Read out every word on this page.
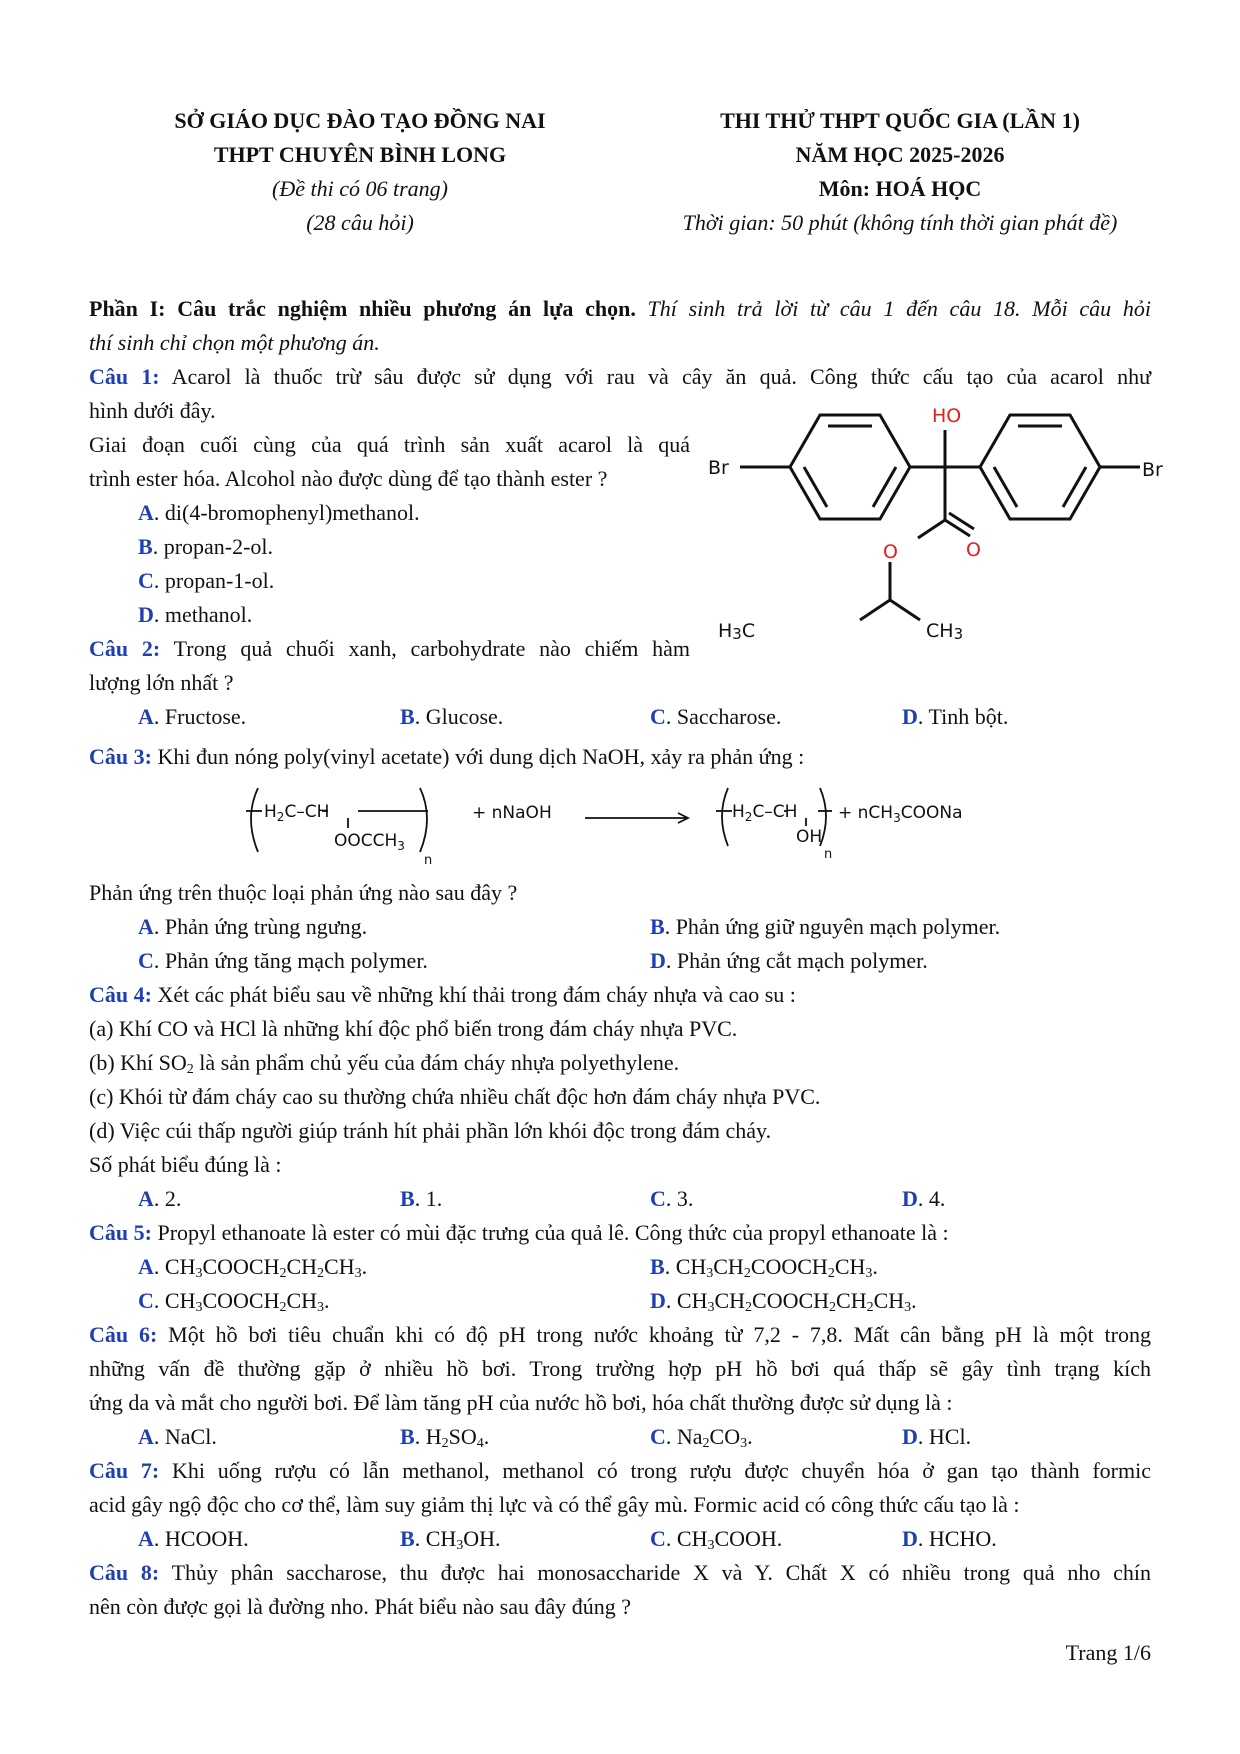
SỞ GIÁO DỤC ĐÀO TẠO ĐỒNG NAI
THPT CHUYÊN BÌNH LONG
(Đề thi có 06 trang)
(28 câu hỏi)
THI THỬ THPT QUỐC GIA (LẦN 1)
NĂM HỌC 2025-2026
Môn: HOÁ HỌC
Thời gian: 50 phút (không tính thời gian phát đề)
Phần I: Câu trắc nghiệm nhiều phương án lựa chọn. Thí sinh trả lời từ câu 1 đến câu 18. Mỗi câu hỏi
thí sinh chỉ chọn một phương án.
Câu 1: Acarol là thuốc trừ sâu được sử dụng với rau và cây ăn quả. Công thức cấu tạo của acarol như
hình dưới đây.
Giai đoạn cuối cùng của quá trình sản xuất acarol là quá
trình ester hóa. Alcohol nào được dùng để tạo thành ester ?
A. di(4-bromophenyl)methanol.
B. propan-2-ol.
C. propan-1-ol.
D. methanol.
HO
Br	Br
O	O
H3C	CH3
Câu 2: Trong quả chuối xanh, carbohydrate nào chiếm hàm
lượng lớn nhất ?
A. Fructose.	B. Glucose.	C. Saccharose.	D. Tinh bột.
Câu 3: Khi đun nóng poly(vinyl acetate) với dung dịch NaOH, xảy ra phản ứng :
$H_2C-CH$
$OOCCH_3$
n
+ nNaOH	$H_2C-CH$
OH
n
+ nCH$_3$COONa
Phản ứng trên thuộc loại phản ứng nào sau đây ?
A. Phản ứng trùng ngưng.	B. Phản ứng giữ nguyên mạch polymer.
C. Phản ứng tăng mạch polymer.	D. Phản ứng cắt mạch polymer.
Câu 4: Xét các phát biểu sau về những khí thải trong đám cháy nhựa và cao su :
(a) Khí CO và HCl là những khí độc phổ biến trong đám cháy nhựa PVC.
(b) Khí $SO_2$ là sản phẩm chủ yếu của đám cháy nhựa polyethylene.
(c) Khói từ đám cháy cao su thường chứa nhiều chất độc hơn đám cháy nhựa PVC.
(d) Việc cúi thấp người giúp tránh hít phải phần lớn khói độc trong đám cháy.
Số phát biểu đúng là :
A. 2.	B. 1.	C. 3.	D. 4.
Câu 5: Propyl ethanoate là ester có mùi đặc trưng của quả lê. Công thức của propyl ethanoate là :
A. $CH_3COOCH_2CH_2CH_3$.	B. $CH_3CH_2COOCH_2CH_3$.
C. $CH_3COOCH_2CH_3$.	D. $CH_3CH_2COOCH_2CH_2CH_3$.
Câu 6: Một hồ bơi tiêu chuẩn khi có độ pH trong nước khoảng từ 7,2 - 7,8. Mất cân bằng pH là một trong
những vấn đề thường gặp ở nhiều hồ bơi. Trong trường hợp pH hồ bơi quá thấp sẽ gây tình trạng kích
ứng da và mắt cho người bơi. Để làm tăng pH của nước hồ bơi, hóa chất thường được sử dụng là :
A. NaCl.	B. $H_2SO_4$.	C. $Na_2CO_3$.	D. HCl.
Câu 7: Khi uống rượu có lẫn methanol, methanol có trong rượu được chuyển hóa ở gan tạo thành formic
acid gây ngộ độc cho cơ thể, làm suy giảm thị lực và có thể gây mù. Formic acid có công thức cấu tạo là :
A. HCOOH.	B. $CH_3OH$.	C. $CH_3COOH$.	D. HCHO.
Câu 8: Thủy phân saccharose, thu được hai monosaccharide X và Y. Chất X có nhiều trong quả nho chín
nên còn được gọi là đường nho. Phát biểu nào sau đây đúng ?
Trang 1/6
